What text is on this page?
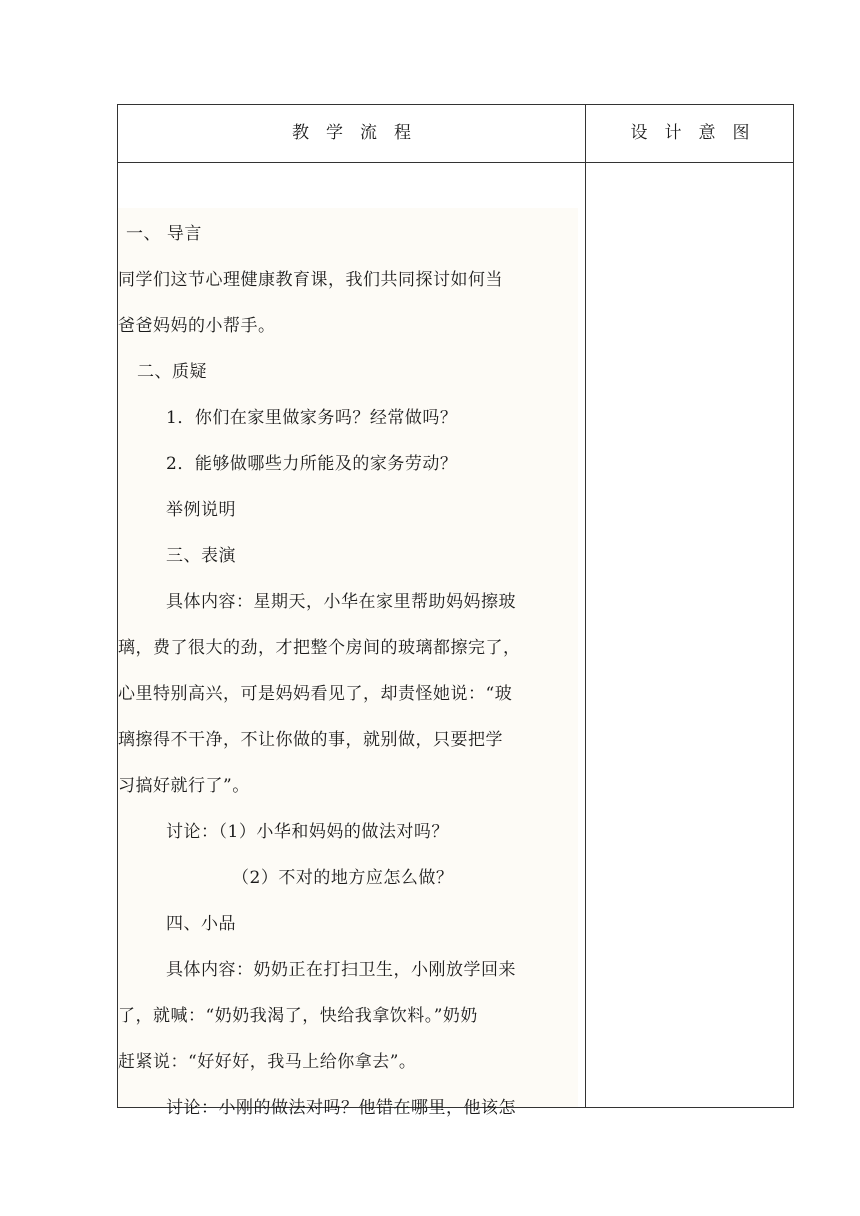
教　学　流　程	设　计　意　图
一、 导言
同学们这节心理健康教育课，我们共同探讨如何当
爸爸妈妈的小帮手。
二、质疑
1．你们在家里做家务吗？经常做吗？
2．能够做哪些力所能及的家务劳动？
举例说明
三、表演
具体内容：星期天，小华在家里帮助妈妈擦玻
璃，费了很大的劲，才把整个房间的玻璃都擦完了，
心里特别高兴，可是妈妈看见了，却责怪她说：“玻
璃擦得不干净，不让你做的事，就别做，只要把学
习搞好就行了”。
讨论：（1）小华和妈妈的做法对吗？
（2）不对的地方应怎么做？
四、小品
具体内容：奶奶正在打扫卫生，小刚放学回来
了，就喊：“奶奶我渴了，快给我拿饮料。”奶奶
赶紧说：“好好好，我马上给你拿去”。
讨论：小刚的做法对吗？他错在哪里，他该怎
